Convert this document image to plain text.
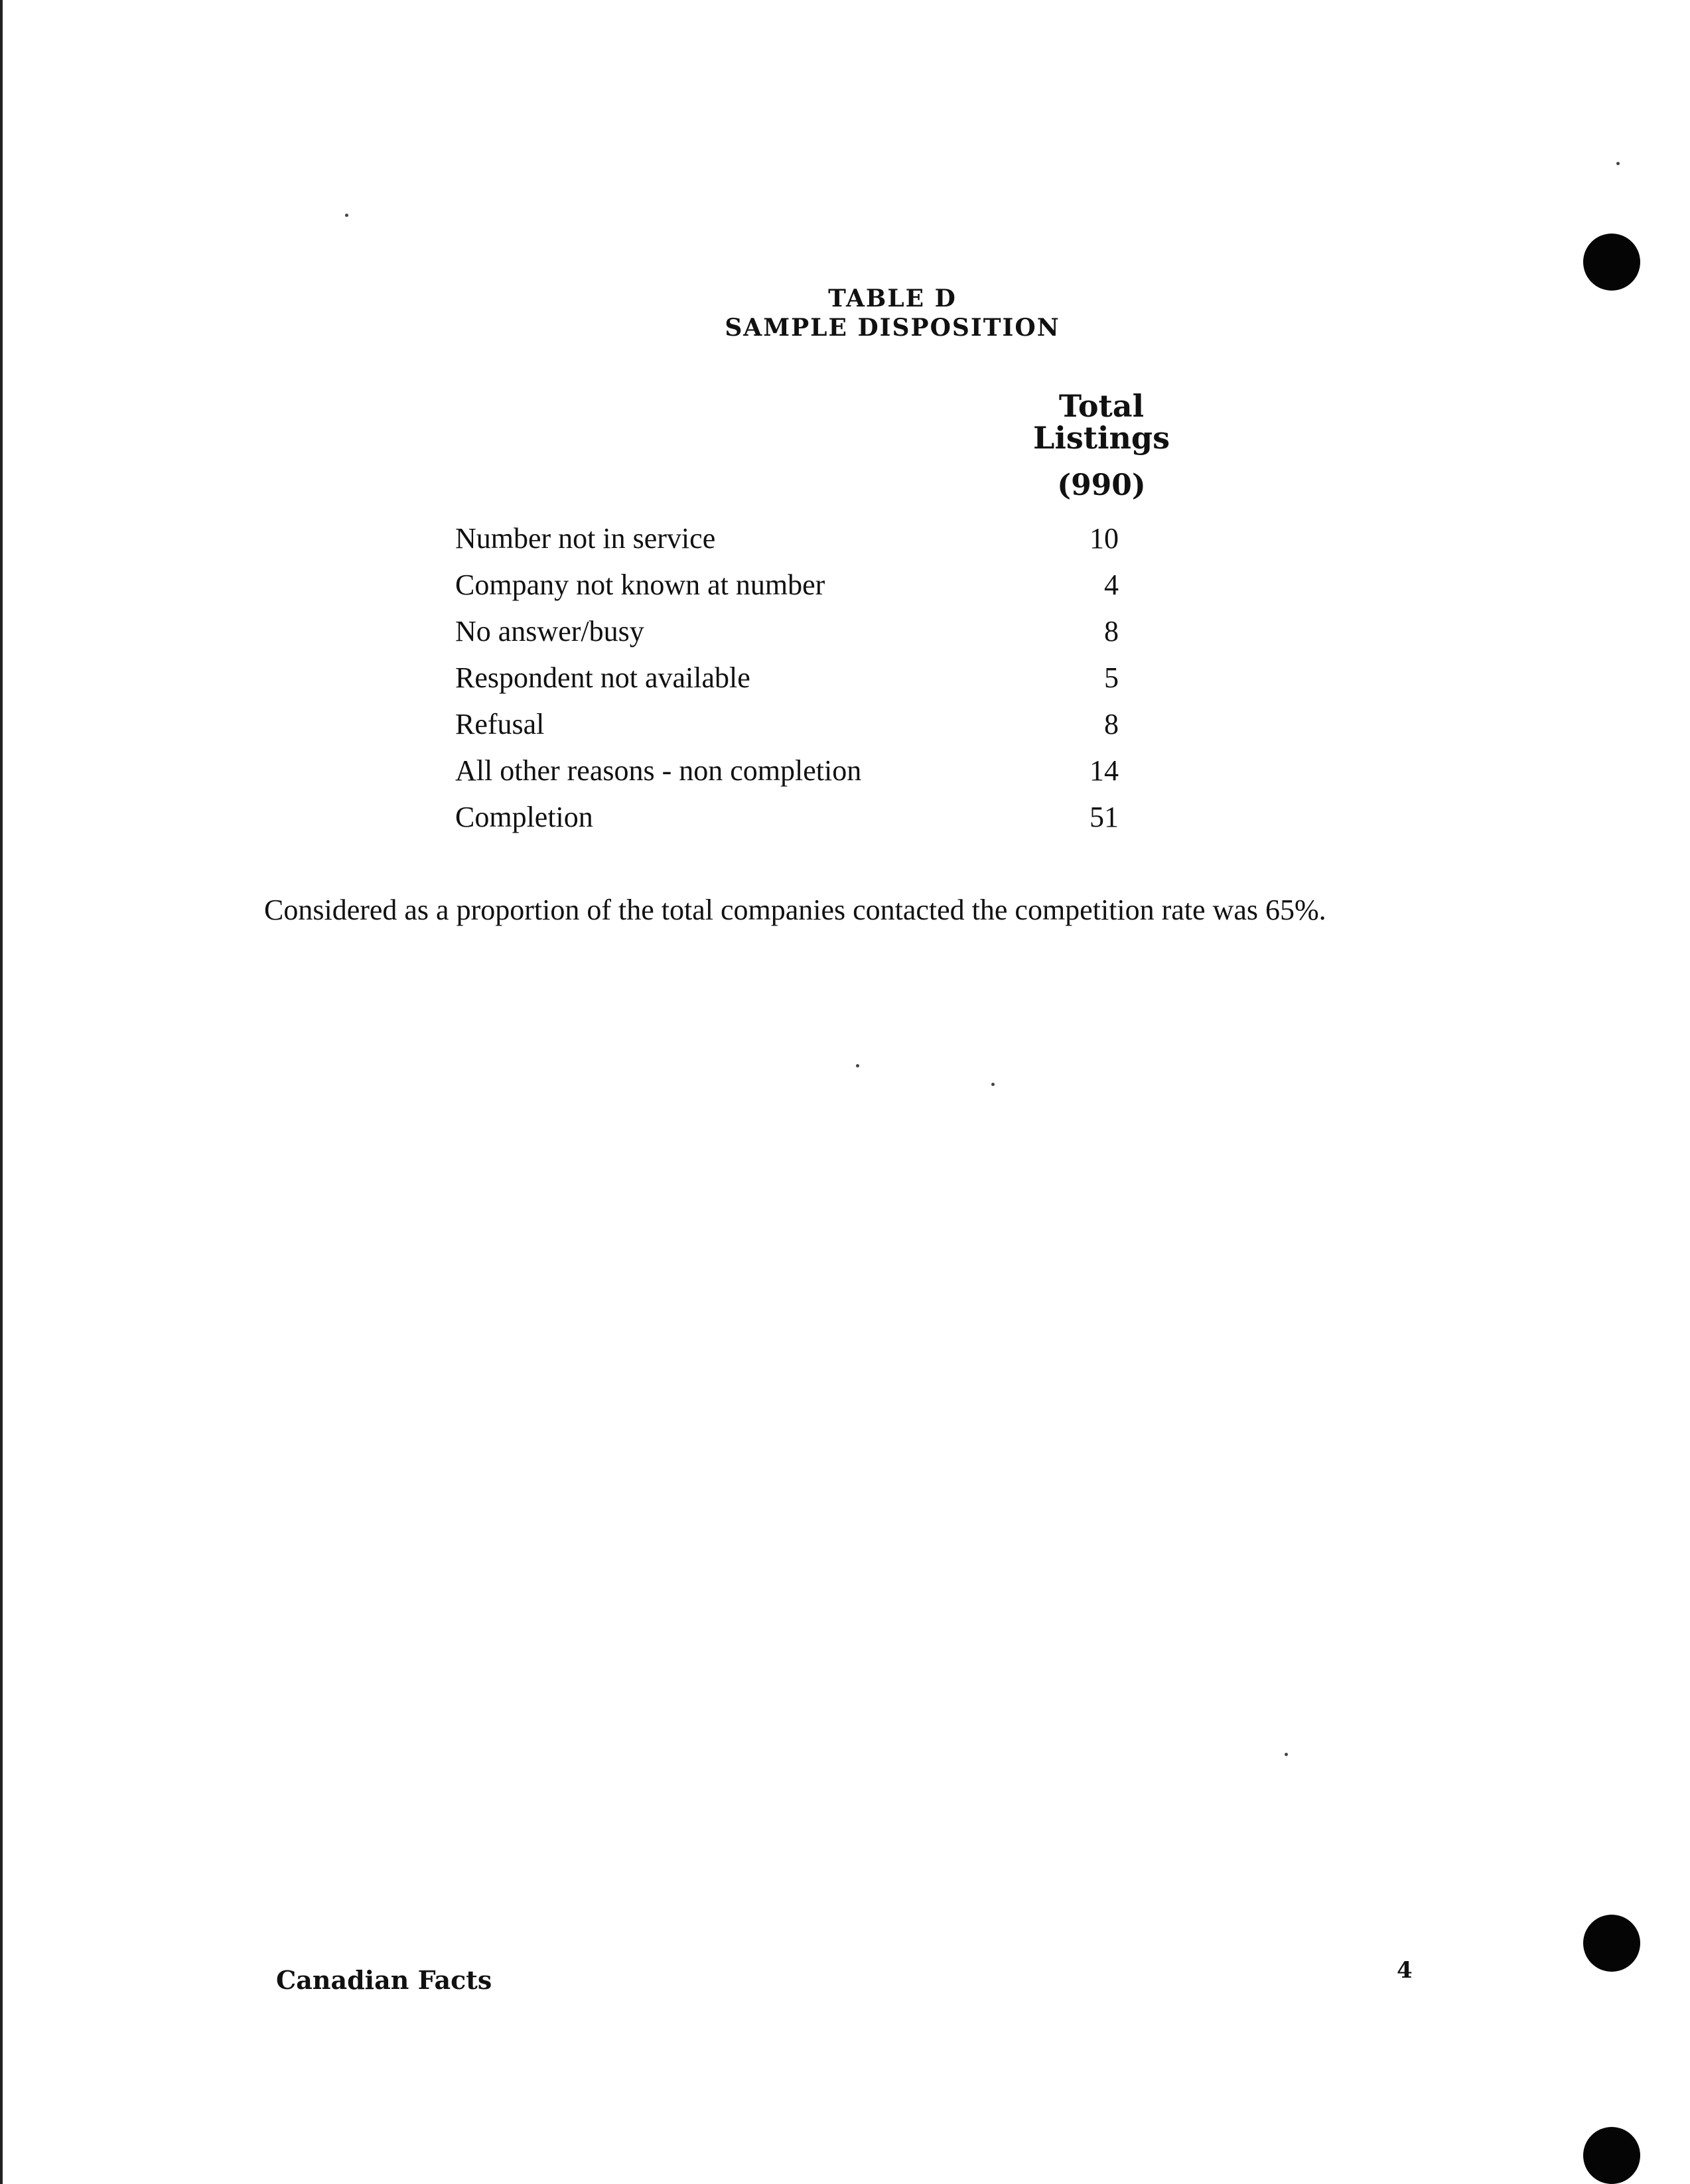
TABLE D
SAMPLE DISPOSITION
Total
Listings
(990)
Number not in service	10
Company not known at number	4
No answer/busy	8
Respondent not available	5
Refusal	8
All other reasons - non completion	14
Completion	51
Considered as a proportion of the total companies contacted the competition rate was 65%.
Canadian Facts	4
